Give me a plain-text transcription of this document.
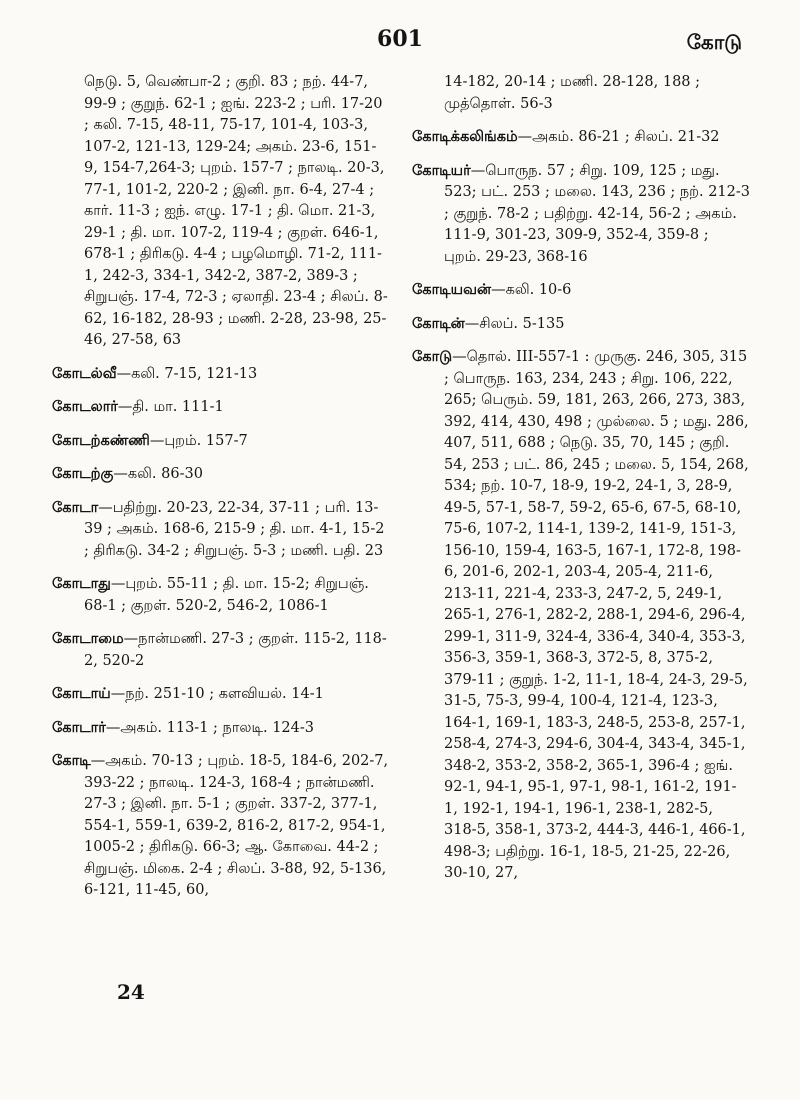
601	கோடு

நெடு. 5, வெண்பா-2 ; குறி. 83 ; நற். 44-7, 99-9 ; குறுந். 62-1 ; ஐங். 223-2 ; பரி. 17-20 ; கலி. 7-15, 48-11, 75-17, 101-4, 103-3, 107-2, 121-13, 129-24; அகம். 23-6, 151-9, 154-7,264-3; புறம். 157-7 ; நாலடி. 20-3, 77-1, 101-2, 220-2 ; இனி. நா. 6-4, 27-4 ; கார். 11-3 ; ஐந். எழு. 17-1 ; தி. மொ. 21-3, 29-1 ; தி. மா. 107-2, 119-4 ; குறள். 646-1, 678-1 ; திரிகடு. 4-4 ; பழமொழி. 71-2, 111-1, 242-3, 334-1, 342-2, 387-2, 389-3 ; சிறுபஞ். 17-4, 72-3 ; ஏலாதி. 23-4 ; சிலப். 8-62, 16-182, 28-93 ; மணி. 2-28, 23-98, 25-46, 27-58, 63

கோடல்வீ—கலி. 7-15, 121-13

கோடலார்—தி. மா. 111-1

கோடற்கண்ணி—புறம். 157-7

கோடற்கு—கலி. 86-30

கோடா—பதிற்று. 20-23, 22-34, 37-11 ; பரி. 13-39 ; அகம். 168-6, 215-9 ; தி. மா. 4-1, 15-2 ; திரிகடு. 34-2 ; சிறுபஞ். 5-3 ; மணி. பதி. 23

கோடாது—புறம். 55-11 ; தி. மா. 15-2; சிறுபஞ். 68-1 ; குறள். 520-2, 546-2, 1086-1

கோடாமை—நான்மணி. 27-3 ; குறள். 115-2, 118-2, 520-2

கோடாய்—நற். 251-10 ; களவியல். 14-1

கோடார்—அகம். 113-1 ; நாலடி. 124-3

கோடி—அகம். 70-13 ; புறம். 18-5, 184-6, 202-7, 393-22 ; நாலடி. 124-3, 168-4 ; நான்மணி. 27-3 ; இனி. நா. 5-1 ; குறள். 337-2, 377-1, 554-1, 559-1, 639-2, 816-2, 817-2, 954-1, 1005-2 ; திரிகடு. 66-3; ஆ. கோவை. 44-2 ; சிறுபஞ். மிகை. 2-4 ; சிலப். 3-88, 92, 5-136, 6-121, 11-45, 60,

14-182, 20-14 ; மணி. 28-128, 188 ; முத்தொள். 56-3

கோடிக்கலிங்கம்—அகம். 86-21 ; சிலப். 21-32

கோடியர்—பொருந. 57 ; சிறு. 109, 125 ; மது. 523; பட். 253 ; மலை. 143, 236 ; நற். 212-3 ; குறுந். 78-2 ; பதிற்று. 42-14, 56-2 ; அகம். 111-9, 301-23, 309-9, 352-4, 359-8 ; புறம். 29-23, 368-16

கோடியவன்—கலி. 10-6

கோடின்—சிலப். 5-135

கோடு—தொல். III-557-1 : முருகு. 246, 305, 315 ; பொருந. 163, 234, 243 ; சிறு. 106, 222, 265; பெரும். 59, 181, 263, 266, 273, 383, 392, 414, 430, 498 ; முல்லை. 5 ; மது. 286, 407, 511, 688 ; நெடு. 35, 70, 145 ; குறி. 54, 253 ; பட். 86, 245 ; மலை. 5, 154, 268, 534; நற். 10-7, 18-9, 19-2, 24-1, 3, 28-9, 49-5, 57-1, 58-7, 59-2, 65-6, 67-5, 68-10, 75-6, 107-2, 114-1, 139-2, 141-9, 151-3, 156-10, 159-4, 163-5, 167-1, 172-8, 198-6, 201-6, 202-1, 203-4, 205-4, 211-6, 213-11, 221-4, 233-3, 247-2, 5, 249-1, 265-1, 276-1, 282-2, 288-1, 294-6, 296-4, 299-1, 311-9, 324-4, 336-4, 340-4, 353-3, 356-3, 359-1, 368-3, 372-5, 8, 375-2, 379-11 ; குறுந். 1-2, 11-1, 18-4, 24-3, 29-5, 31-5, 75-3, 99-4, 100-4, 121-4, 123-3, 164-1, 169-1, 183-3, 248-5, 253-8, 257-1, 258-4, 274-3, 294-6, 304-4, 343-4, 345-1, 348-2, 353-2, 358-2, 365-1, 396-4 ; ஐங். 92-1, 94-1, 95-1, 97-1, 98-1, 161-2, 191-1, 192-1, 194-1, 196-1, 238-1, 282-5, 318-5, 358-1, 373-2, 444-3, 446-1, 466-1, 498-3; பதிற்று. 16-1, 18-5, 21-25, 22-26, 30-10, 27,

24
